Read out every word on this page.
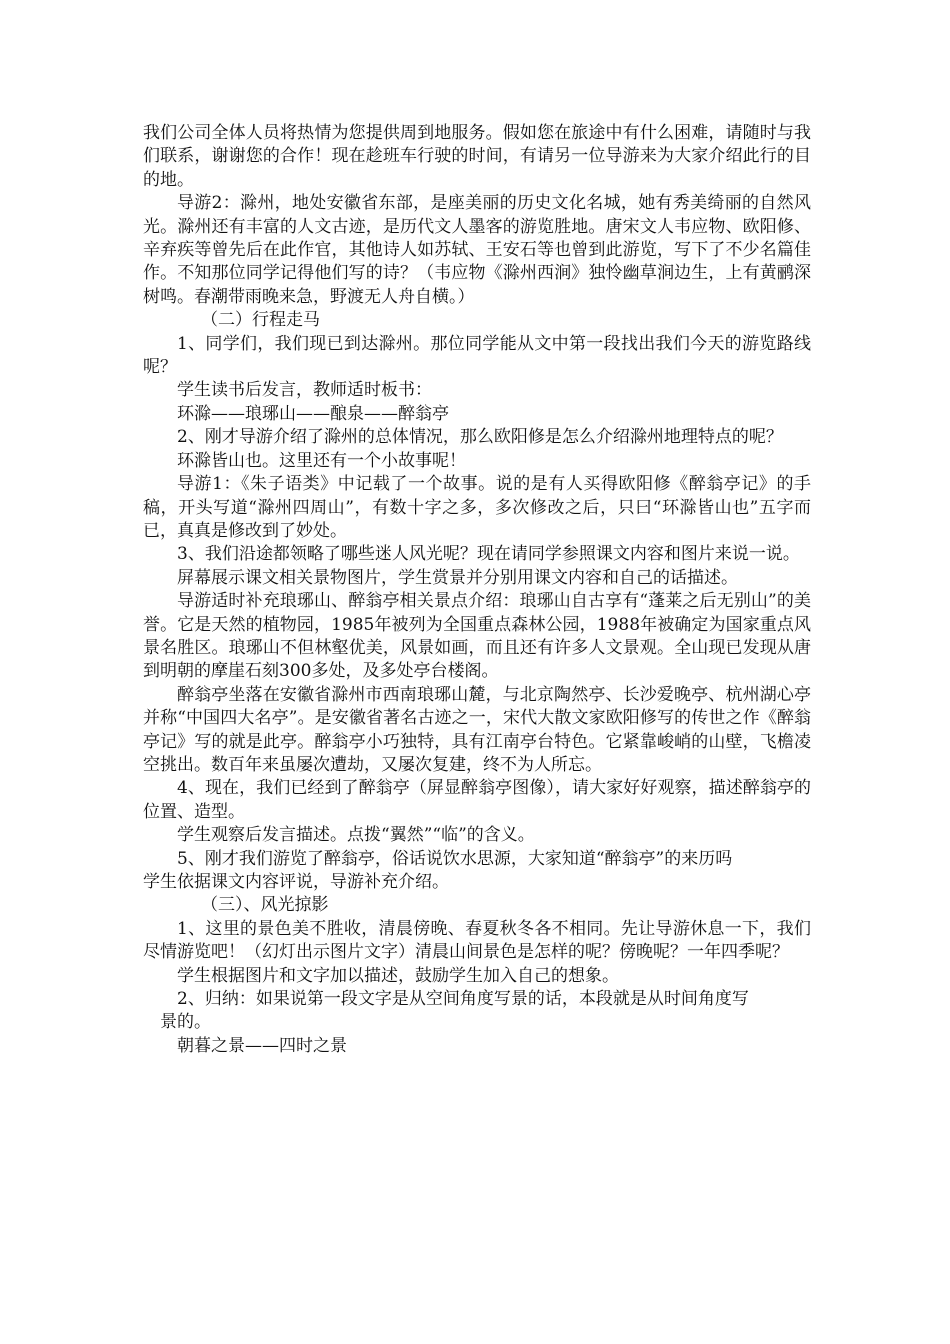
我们公司全体人员将热情为您提供周到地服务。假如您在旅途中有什么困难，请随时与我们联系，谢谢您的合作！现在趁班车行驶的时间，有请另一位导游来为大家介绍此行的目的地。

导游2：滁州，地处安徽省东部，是座美丽的历史文化名城，她有秀美绮丽的自然风光。滁州还有丰富的人文古迹，是历代文人墨客的游览胜地。唐宋文人韦应物、欧阳修、辛弃疾等曾先后在此作官，其他诗人如苏轼、王安石等也曾到此游览，写下了不少名篇佳作。不知那位同学记得他们写的诗？（韦应物《滁州西涧》独怜幽草涧边生，上有黄鹂深树鸣。春潮带雨晚来急，野渡无人舟自横。）

（二）行程走马

1、同学们，我们现已到达滁州。那位同学能从文中第一段找出我们今天的游览路线呢？

学生读书后发言，教师适时板书：

环滁——琅琊山——酿泉——醉翁亭

2、刚才导游介绍了滁州的总体情况，那么欧阳修是怎么介绍滁州地理特点的呢？

环滁皆山也。这里还有一个小故事呢！

导游1：《朱子语类》中记载了一个故事。说的是有人买得欧阳修《醉翁亭记》的手稿，开头写道“滁州四周山”，有数十字之多，多次修改之后，只曰“环滁皆山也”五字而已，真真是修改到了妙处。

3、我们沿途都领略了哪些迷人风光呢？现在请同学参照课文内容和图片来说一说。

屏幕展示课文相关景物图片，学生赏景并分别用课文内容和自己的话描述。

导游适时补充琅琊山、醉翁亭相关景点介绍：琅琊山自古享有“蓬莱之后无别山”的美誉。它是天然的植物园，1985年被列为全国重点森林公园，1988年被确定为国家重点风景名胜区。琅琊山不但林壑优美，风景如画，而且还有许多人文景观。全山现已发现从唐到明朝的摩崖石刻300多处，及多处亭台楼阁。

醉翁亭坐落在安徽省滁州市西南琅琊山麓，与北京陶然亭、长沙爱晚亭、杭州湖心亭并称“中国四大名亭”。是安徽省著名古迹之一，宋代大散文家欧阳修写的传世之作《醉翁亭记》写的就是此亭。醉翁亭小巧独特，具有江南亭台特色。它紧靠峻峭的山壁，飞檐凌空挑出。数百年来虽屡次遭劫，又屡次复建，终不为人所忘。

4、现在，我们已经到了醉翁亭（屏显醉翁亭图像），请大家好好观察，描述醉翁亭的位置、造型。

学生观察后发言描述。点拨“翼然”“临”的含义。

5、刚才我们游览了醉翁亭，俗话说饮水思源，大家知道“醉翁亭”的来历吗

学生依据课文内容评说，导游补充介绍。

（三）、风光掠影

1、这里的景色美不胜收，清晨傍晚、春夏秋冬各不相同。先让导游休息一下，我们尽情游览吧！（幻灯出示图片文字）清晨山间景色是怎样的呢？傍晚呢？一年四季呢？

学生根据图片和文字加以描述，鼓励学生加入自己的想象。

2、归纳：如果说第一段文字是从空间角度写景的话，本段就是从时间角度写

景的。

朝暮之景——四时之景
